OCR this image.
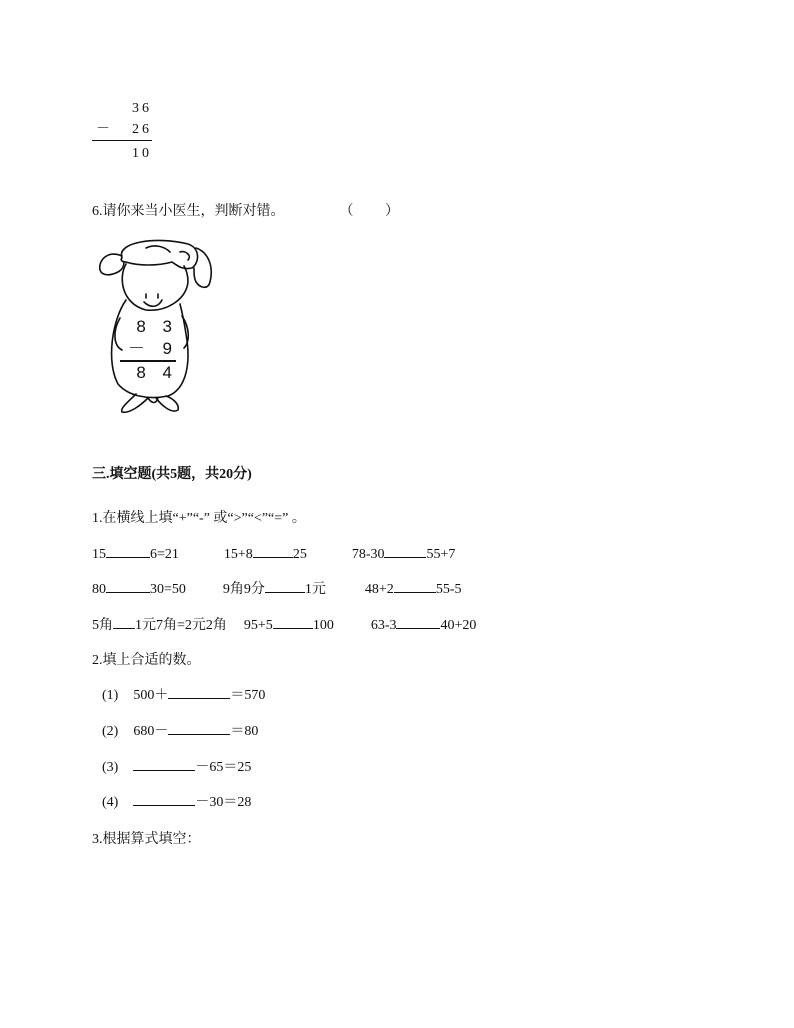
36
－ 26
10
6.请你来当小医生，判断对错。	（ ）
8 3
－ 9
8 4
三.填空题(共5题，共20分)
1.在横线上填“+”“-” 或“>”“<”“=” 。
15	6=21	15+8	25	78-30	55+7
80	30=50	9角9分	1元	48+2	55-5
5角 1元7角=2元2角 95+5	100	63-3	40+20
2.填上合适的数。
(1) 500＋	＝570
(2) 680－	＝80
(3)	－65＝25
(4)	－30＝28
3.根据算式填空：
